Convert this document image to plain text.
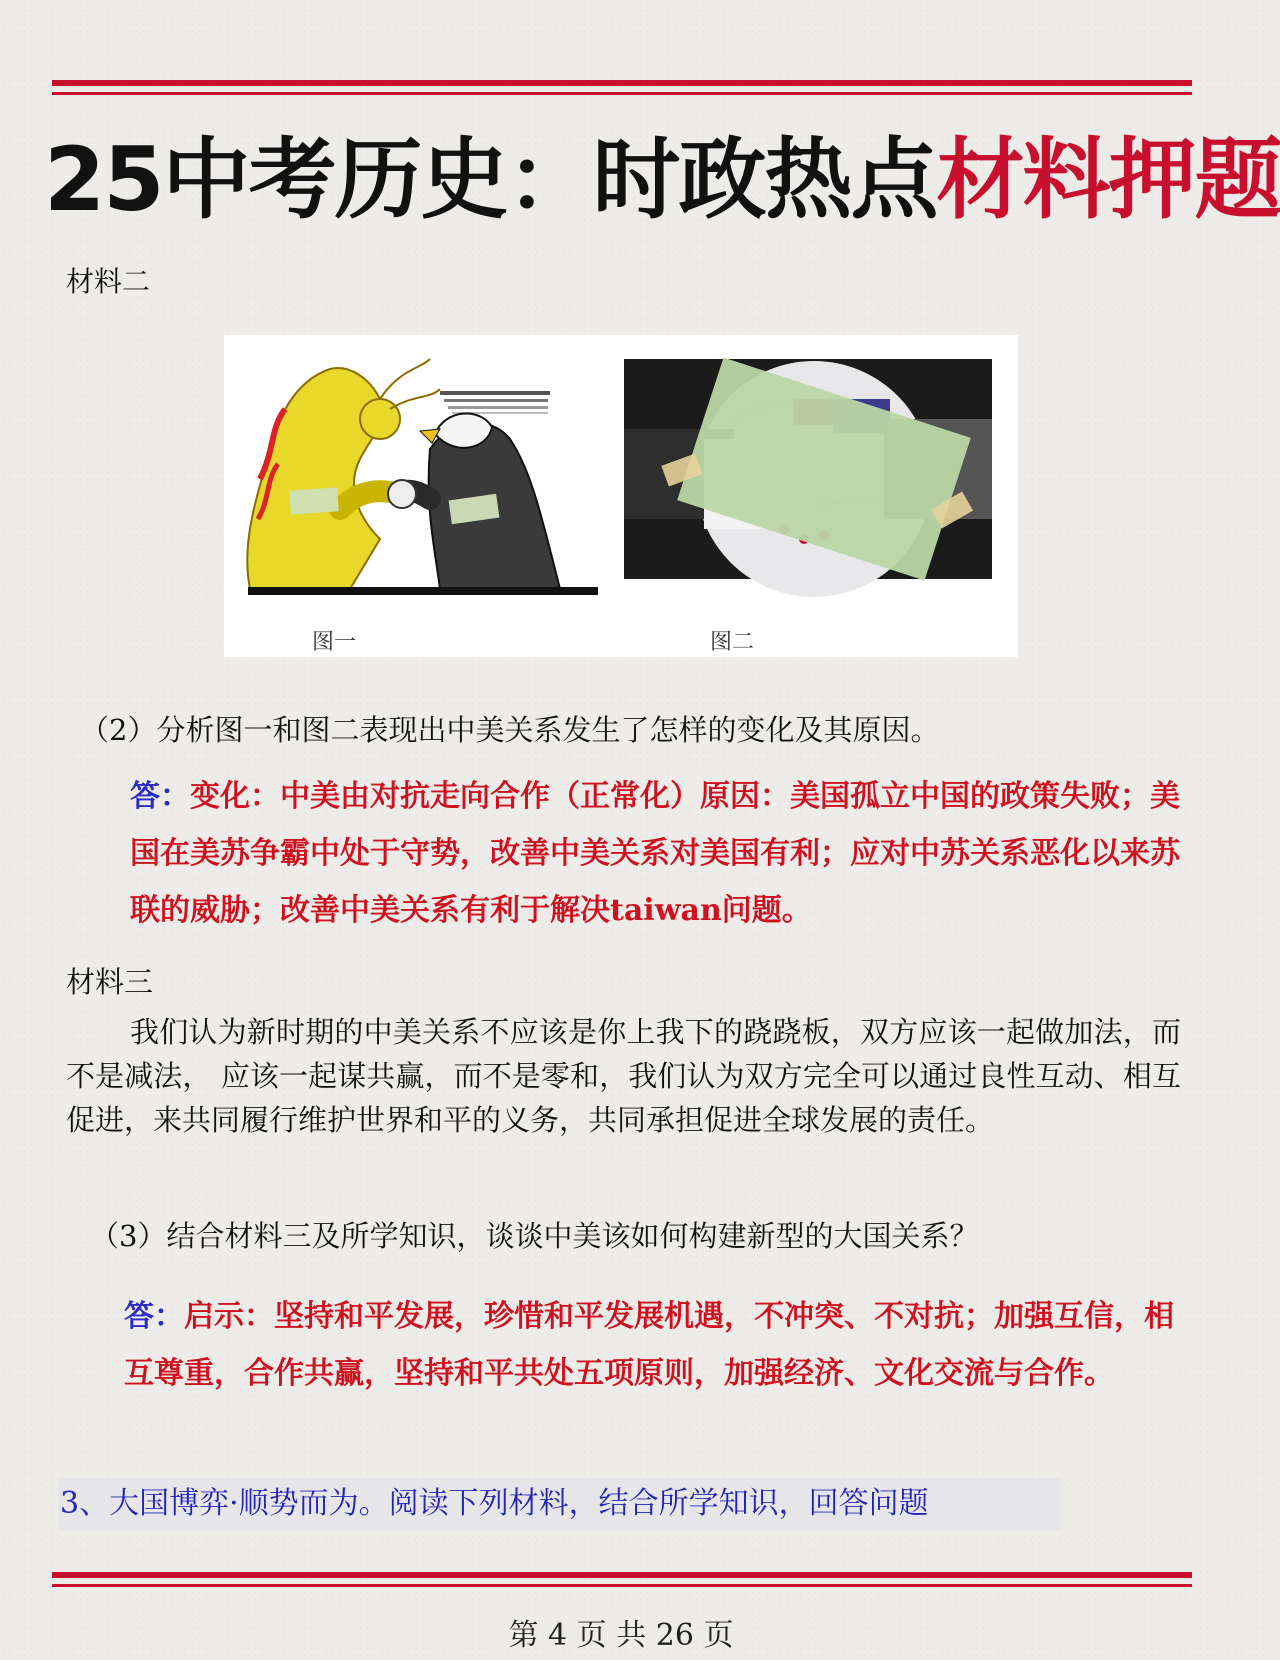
25中考历史：时政热点材料押题
材料二
图一	图二
（2）分析图一和图二表现出中美关系发生了怎样的变化及其原因。
答：变化：中美由对抗走向合作（正常化）原因：美国孤立中国的政策失败；美国在美苏争霸中处于守势，改善中美关系对美国有利；应对中苏关系恶化以来苏联的威胁；改善中美关系有利于解决taiwan问题。
材料三
我们认为新时期的中美关系不应该是你上我下的跷跷板，双方应该一起做加法，而不是减法， 应该一起谋共赢，而不是零和，我们认为双方完全可以通过良性互动、相互促进，来共同履行维护世界和平的义务，共同承担促进全球发展的责任。
（3）结合材料三及所学知识，谈谈中美该如何构建新型的大国关系？
答：启示：坚持和平发展，珍惜和平发展机遇，不冲突、不对抗；加强互信，相互尊重，合作共赢，坚持和平共处五项原则，加强经济、文化交流与合作。
3、大国博弈·顺势而为。阅读下列材料，结合所学知识，回答问题
第 4 页 共 26 页
